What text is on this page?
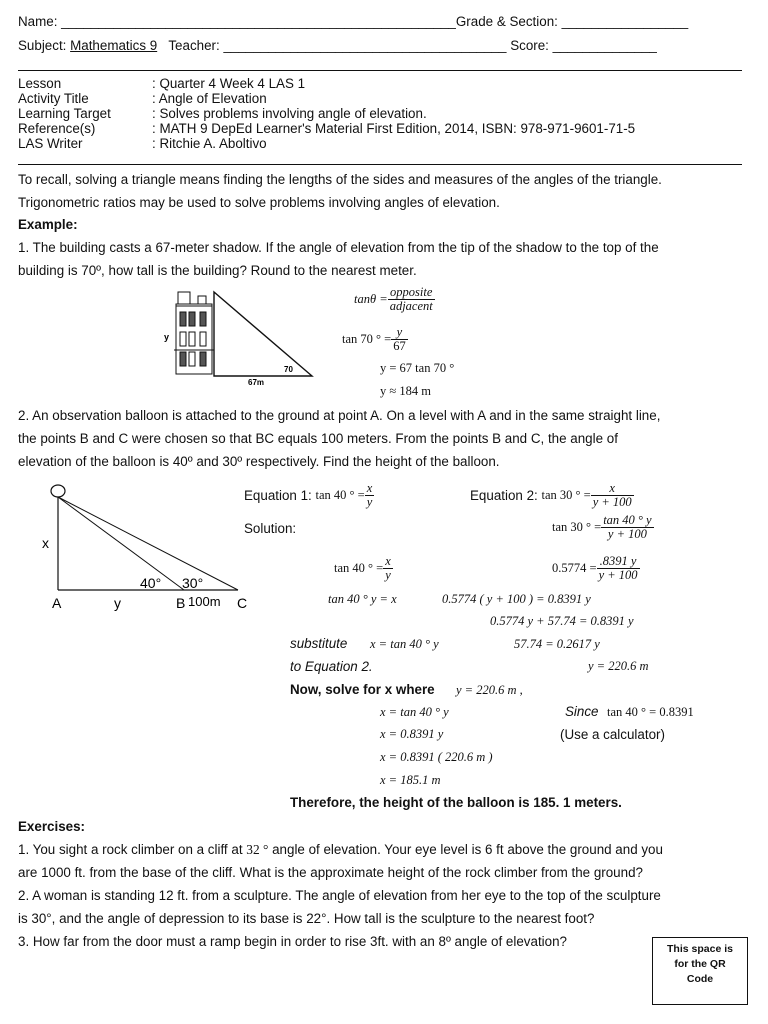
Name: _____________________________________________________Grade & Section: _________________
Subject: Mathematics 9 Teacher: ______________________________________ Score: ______________
Lesson	: Quarter 4 Week 4 LAS 1
Activity Title	: Angle of Elevation
Learning Target	: Solves problems involving angle of elevation.
Reference(s)	: MATH 9 DepEd Learner's Material First Edition, 2014, ISBN: 978-971-9601-71-5
LAS Writer	: Ritchie A. Aboltivo
To recall, solving a triangle means finding the lengths of the sides and measures of the angles of the triangle.
Trigonometric ratios may be used to solve problems involving angles of elevation.
Example:
1. The building casts a 67-meter shadow. If the angle of elevation from the tip of the shadow to the top of the
building is 70º, how tall is the building? Round to the nearest meter.
y
67m
70
$\tan\theta = \frac{\text{opposite}}{\text{adjacent}}$
tan 70 ° = $\frac{y}{67}$
y = 67 tan 70 °
y ≈ 184 m
2. An observation balloon is attached to the ground at point A. On a level with A and in the same straight line,
the points B and C were chosen so that BC equals 100 meters. From the points B and C, the angle of
elevation of the balloon is 40º and 30º respectively. Find the height of the balloon.
x
40° 30°
A	y	B 100m C
Equation 1:
tan 40 ° = $\frac{x}{y}$	Equation 2:
tan 30 ° = $\frac{x}{y + 100}$
Solution:	tan 30 ° = $\frac{\tan 40 ^\circ y}{y + 100}$
tan 40 ° = $\frac{x}{y}$	$0.5774 = \frac{.8391 y}{y + 100}$
tan 40 ° y = x	0.5774 ( y + 100 ) = 0.8391 y
0.5774 y + 57.74 = 0.8391 y
substitute x = tan 40 ° y	57.74 = 0.2617 y
to Equation 2.	y = 220.6 m
Now, solve for x where y = 220.6 m ,
x = tan 40 ° y	Since tan 40 ° = 0.8391
x = 0.8391 y	(Use a calculator)
x = 0.8391 ( 220.6 m )
x = 185.1 m
Therefore, the height of the balloon is 185. 1 meters.
Exercises:
1. You sight a rock climber on a cliff at 32 ° angle of elevation. Your eye level is 6 ft above the ground and you
are 1000 ft. from the base of the cliff. What is the approximate height of the rock climber from the ground?
2. A woman is standing 12 ft. from a sculpture. The angle of elevation from her eye to the top of the sculpture
is 30°, and the angle of depression to its base is 22°. How tall is the sculpture to the nearest foot?
3. How far from the door must a ramp begin in order to rise 3ft. with an 8º angle of elevation?	This space is
for the QR
Code
